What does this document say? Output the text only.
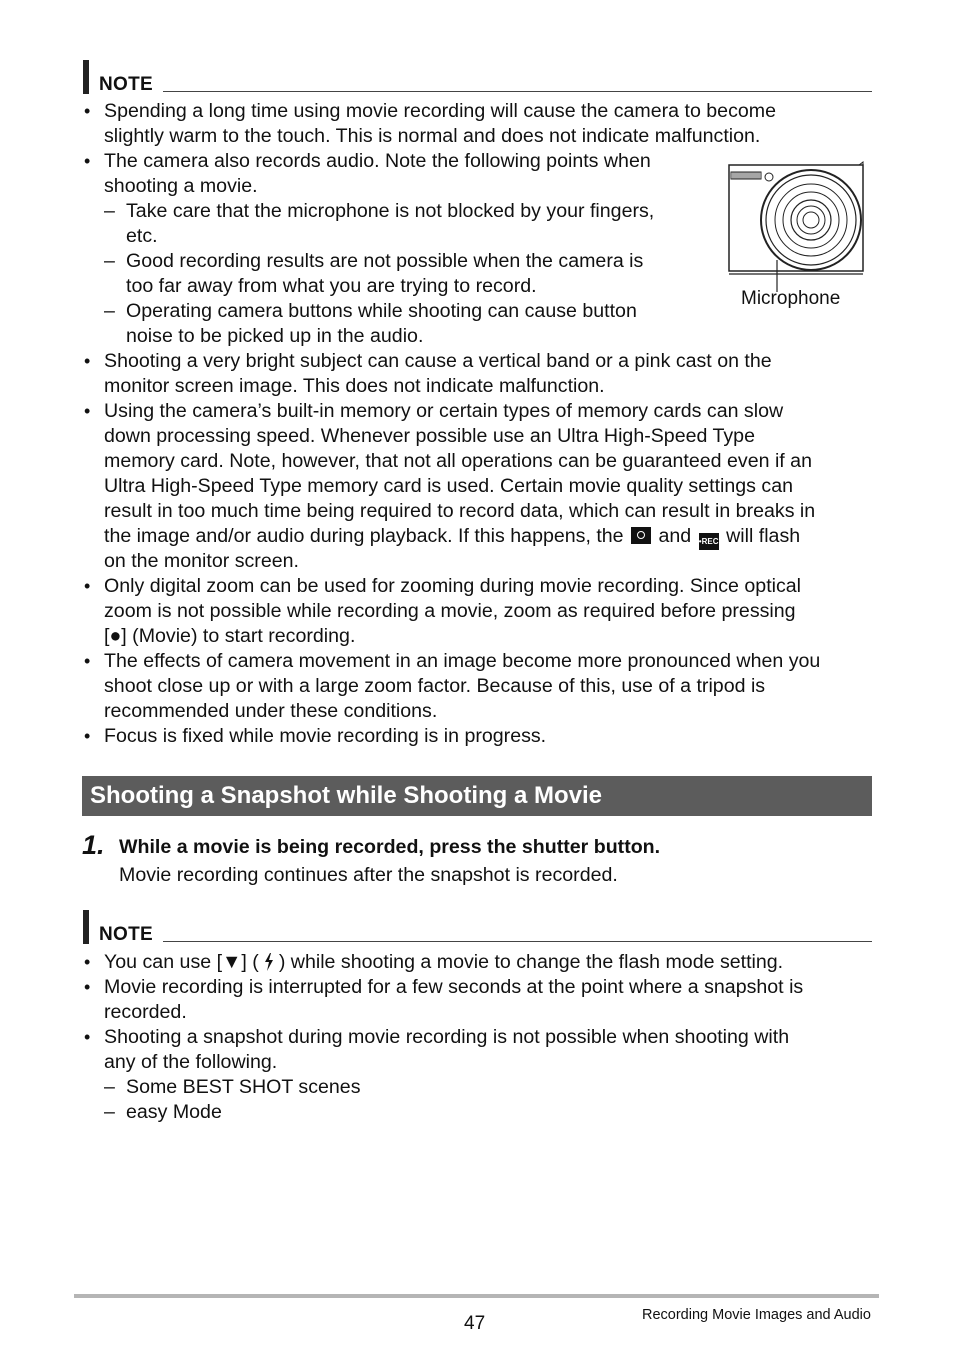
NOTE
• Spending a long time using movie recording will cause the camera to become
slightly warm to the touch. This is normal and does not indicate malfunction.
• The camera also records audio. Note the following points when
shooting a movie.
– Take care that the microphone is not blocked by your fingers,
etc.
– Good recording results are not possible when the camera is
too far away from what you are trying to record.
– Operating camera buttons while shooting can cause button
noise to be picked up in the audio.
Microphone
• Shooting a very bright subject can cause a vertical band or a pink cast on the
monitor screen image. This does not indicate malfunction.
• Using the camera’s built-in memory or certain types of memory cards can slow
down processing speed. Whenever possible use an Ultra High-Speed Type
memory card. Note, however, that not all operations can be guaranteed even if an
Ultra High-Speed Type memory card is used. Certain movie quality settings can
result in too much time being required to record data, which can result in breaks in
the image and/or audio during playback. If this happens, the and •REC will flash
on the monitor screen.
• Only digital zoom can be used for zooming during movie recording. Since optical
zoom is not possible while recording a movie, zoom as required before pressing
[●] (Movie) to start recording.
• The effects of camera movement in an image become more pronounced when you
shoot close up or with a large zoom factor. Because of this, use of a tripod is
recommended under these conditions.
• Focus is fixed while movie recording is in progress.
Shooting a Snapshot while Shooting a Movie
1. While a movie is being recorded, press the shutter button.
Movie recording continues after the snapshot is recorded.
NOTE
• You can use [▼] ( ) while shooting a movie to change the flash mode setting.
• Movie recording is interrupted for a few seconds at the point where a snapshot is
recorded.
• Shooting a snapshot during movie recording is not possible when shooting with
any of the following.
– Some BEST SHOT scenes
– easy Mode
47	Recording Movie Images and Audio
